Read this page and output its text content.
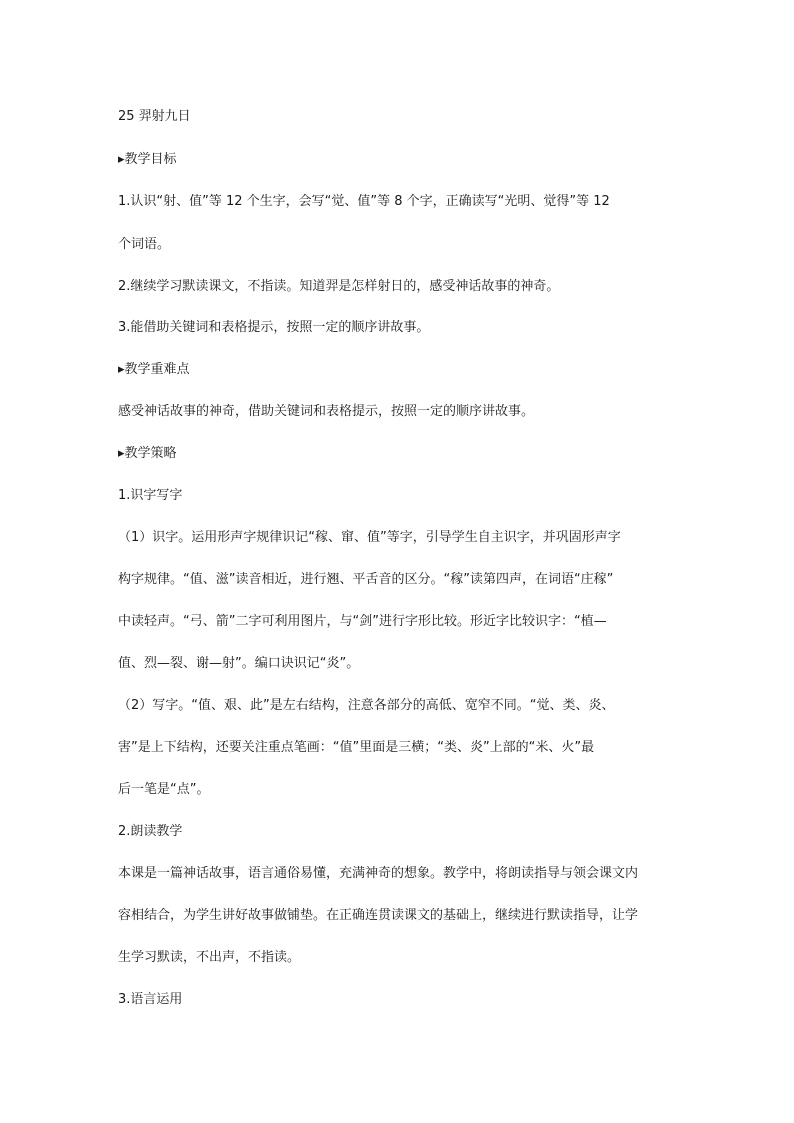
25 羿射九日
▸教学目标
1.认识“射、值”等 12 个生字，会写“觉、值”等 8 个字，正确读写“光明、觉得”等 12
个词语。
2.继续学习默读课文，不指读。知道羿是怎样射日的，感受神话故事的神奇。
3.能借助关键词和表格提示，按照一定的顺序讲故事。
▸教学重难点
感受神话故事的神奇，借助关键词和表格提示，按照一定的顺序讲故事。
▸教学策略
1.识字写字
（1）识字。运用形声字规律识记“稼、窜、值”等字，引导学生自主识字，并巩固形声字
构字规律。“值、滋”读音相近，进行翘、平舌音的区分。“稼”读第四声，在词语“庄稼”
中读轻声。“弓、箭”二字可利用图片，与“剑”进行字形比较。形近字比较识字：“植—
值、烈—裂、谢—射”。编口诀识记“炎”。
（2）写字。“值、艰、此”是左右结构，注意各部分的高低、宽窄不同。“觉、类、炎、
害”是上下结构，还要关注重点笔画：“值”里面是三横；“类、炎”上部的“米、火”最
后一笔是“点”。
2.朗读教学
本课是一篇神话故事，语言通俗易懂，充满神奇的想象。教学中，将朗读指导与领会课文内
容相结合，为学生讲好故事做铺垫。在正确连贯读课文的基础上，继续进行默读指导，让学
生学习默读，不出声，不指读。
3.语言运用
